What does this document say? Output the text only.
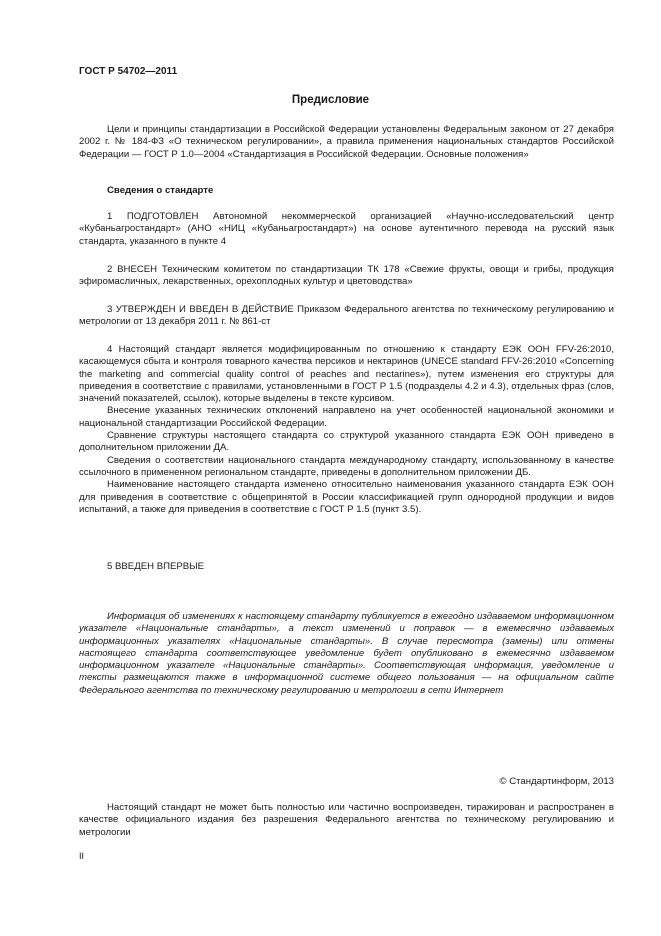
ГОСТ Р 54702—2011
Предисловие

Цели и принципы стандартизации в Российской Федерации установлены Федеральным законом от 27 декабря 2002 г. № 184-ФЗ «О техническом регулировании», а правила применения национальных стандартов Российской Федерации — ГОСТ Р 1.0—2004 «Стандартизация в Российской Федерации. Основные положения»

Сведения о стандарте

1 ПОДГОТОВЛЕН Автономной некоммерческой организацией «Научно-исследовательский центр «Кубаньагростандарт» (АНО «НИЦ «Кубаньагростандарт») на основе аутентичного перевода на русский язык стандарта, указанного в пункте 4

2 ВНЕСЕН Техническим комитетом по стандартизации ТК 178 «Свежие фрукты, овощи и грибы, продукция эфиромасличных, лекарственных, орехоплодных культур и цветоводства»

3 УТВЕРЖДЕН И ВВЕДЕН В ДЕЙСТВИЕ Приказом Федерального агентства по техническому регулированию и метрологии от 13 декабря 2011 г. № 861-ст

4 Настоящий стандарт является модифицированным по отношению к стандарту ЕЭК ООН FFV-26:2010, касающемуся сбыта и контроля товарного качества персиков и нектаринов (UNECE standard FFV-26:2010 «Concerning the marketing and commercial quality control of peaches and nectarines»), путем изменения его структуры для приведения в соответствие с правилами, установленными в ГОСТ Р 1.5 (подразделы 4.2 и 4.3), отдельных фраз (слов, значений показателей, ссылок), которые выделены в тексте курсивом.

Внесение указанных технических отклонений направлено на учет особенностей национальной экономики и национальной стандартизации Российской Федерации.

Сравнение структуры настоящего стандарта со структурой указанного стандарта ЕЭК ООН приведено в дополнительном приложении ДА.

Сведения о соответствии национального стандарта международному стандарту, использованному в качестве ссылочного в примененном региональном стандарте, приведены в дополнительном приложении ДБ.

Наименование настоящего стандарта изменено относительно наименования указанного стандарта ЕЭК ООН для приведения в соответствие с общепринятой в России классификацией групп однородной продукции и видов испытаний, а также для приведения в соответствие с ГОСТ Р 1.5 (пункт 3.5).

5 ВВЕДЕН ВПЕРВЫЕ

Информация об изменениях к настоящему стандарту публикуется в ежегодно издаваемом информационном указателе «Национальные стандарты», а текст изменений и поправок — в ежемесячно издаваемых информационных указателях «Национальные стандарты». В случае пересмотра (замены) или отмены настоящего стандарта соответствующее уведомление будет опубликовано в ежемесячно издаваемом информационном указателе «Национальные стандарты». Соответствующая информация, уведомление и тексты размещаются также в информационной системе общего пользования — на официальном сайте Федерального агентства по техническому регулированию и метрологии в сети Интернет

© Стандартинформ, 2013

Настоящий стандарт не может быть полностью или частично воспроизведен, тиражирован и распространен в качестве официального издания без разрешения Федерального агентства по техническому регулированию и метрологии

II
